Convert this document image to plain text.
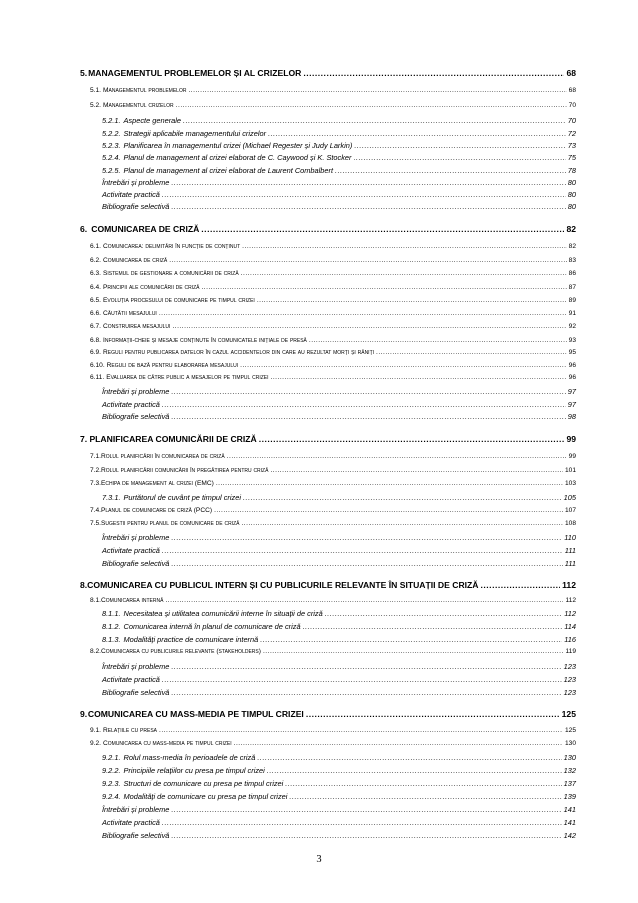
5. MANAGEMENTUL PROBLEMELOR ȘI AL CRIZELOR .....	68
5.1. Managementul problemelor .....	68
5.2. Managementul crizelor .....	70
5.2.1. Aspecte generale .....	70
5.2.2. Strategii aplicabile managementului crizelor .....	72
5.2.3. Planificarea în managementul crizei (Michael Regester și Judy Larkin) .....	73
5.2.4. Planul de management al crizei elaborat de C. Caywood și K. Stocker .....	75
5.2.5. Planul de management al crizei elaborat de Laurent Combalbert .....	78
Întrebări și probleme .....	80
Activitate practică .....	80
Bibliografie selectivă .....	80
6. COMUNICAREA DE CRIZĂ .....	82
6.1. Comunicarea: delimitări în funcție de conținut .....	82
6.2. Comunicarea de criză .....	83
6.3. Sistemul de gestionare a comunicării de criză .....	86
6.4. Principii ale comunicării de criză .....	87
6.5. Evoluția procesului de comunicare pe timpul crizei .....	89
6.6. Căutătii mesajului .....	91
6.7. Construirea mesajului .....	92
6.8. Informații-cheie și mesaje conținute în comunicatele inițiale de presă .....	93
6.9. Reguli pentru publicarea datelor în cazul accidentelor din care au rezultat morți și răniți .....	95
6.10. Reguli de bază pentru elaborarea mesajului .....	96
6.11. Evaluarea de către public a mesajelor pe timpul crizei .....	96
Întrebări și probleme .....	97
Activitate practică .....	97
Bibliografie selectivă .....	98
7. PLANIFICAREA COMUNICĂRII DE CRIZĂ .....	99
7.1. Rolul planificării în comunicarea de criză .....	99
7.2. Rolul planificării comunicării în pregătirea pentru criză .....	101
7.3. Echipa de management al crizei (EMC) .....	103
7.3.1. Purtătorul de cuvânt pe timpul crizei .....	105
7.4. Planul de comunicare de criză (PCC) .....	107
7.5. Sugestii pentru planul de comunicare de criză .....	108
Întrebări și probleme .....	110
Activitate practică .....	111
Bibliografie selectivă .....	111
8. COMUNICAREA CU PUBLICUL INTERN ȘI CU PUBLICURILE RELEVANTE ÎN SITUAȚII DE CRIZĂ .....	112
8.1. Comunicarea internă .....	112
8.1.1. Necesitatea și utilitatea comunicării interne în situații de criză .....	112
8.1.2. Comunicarea internă în planul de comunicare de criză .....	114
8.1.3. Modalități practice de comunicare internă .....	116
8.2. Comunicarea cu publicurile relevante (stakeholders) .....	119
Întrebări și probleme .....	123
Activitate practică .....	123
Bibliografie selectivă .....	123
9. COMUNICAREA CU MASS-MEDIA PE TIMPUL CRIZEI .....	125
9.1. Relațiile cu presa .....	125
9.2. Comunicarea cu mass-media pe timpul crizei .....	130
9.2.1. Rolul mass-media în perioadele de criză .....	130
9.2.2. Principiile relațiilor cu presa pe timpul crizei .....	132
9.2.3. Structuri de comunicare cu presa pe timpul crizei .....	137
9.2.4. Modalități de comunicare cu presa pe timpul crizei .....	139
Întrebări și probleme .....	141
Activitate practică .....	141
Bibliografie selectivă .....	142
3
